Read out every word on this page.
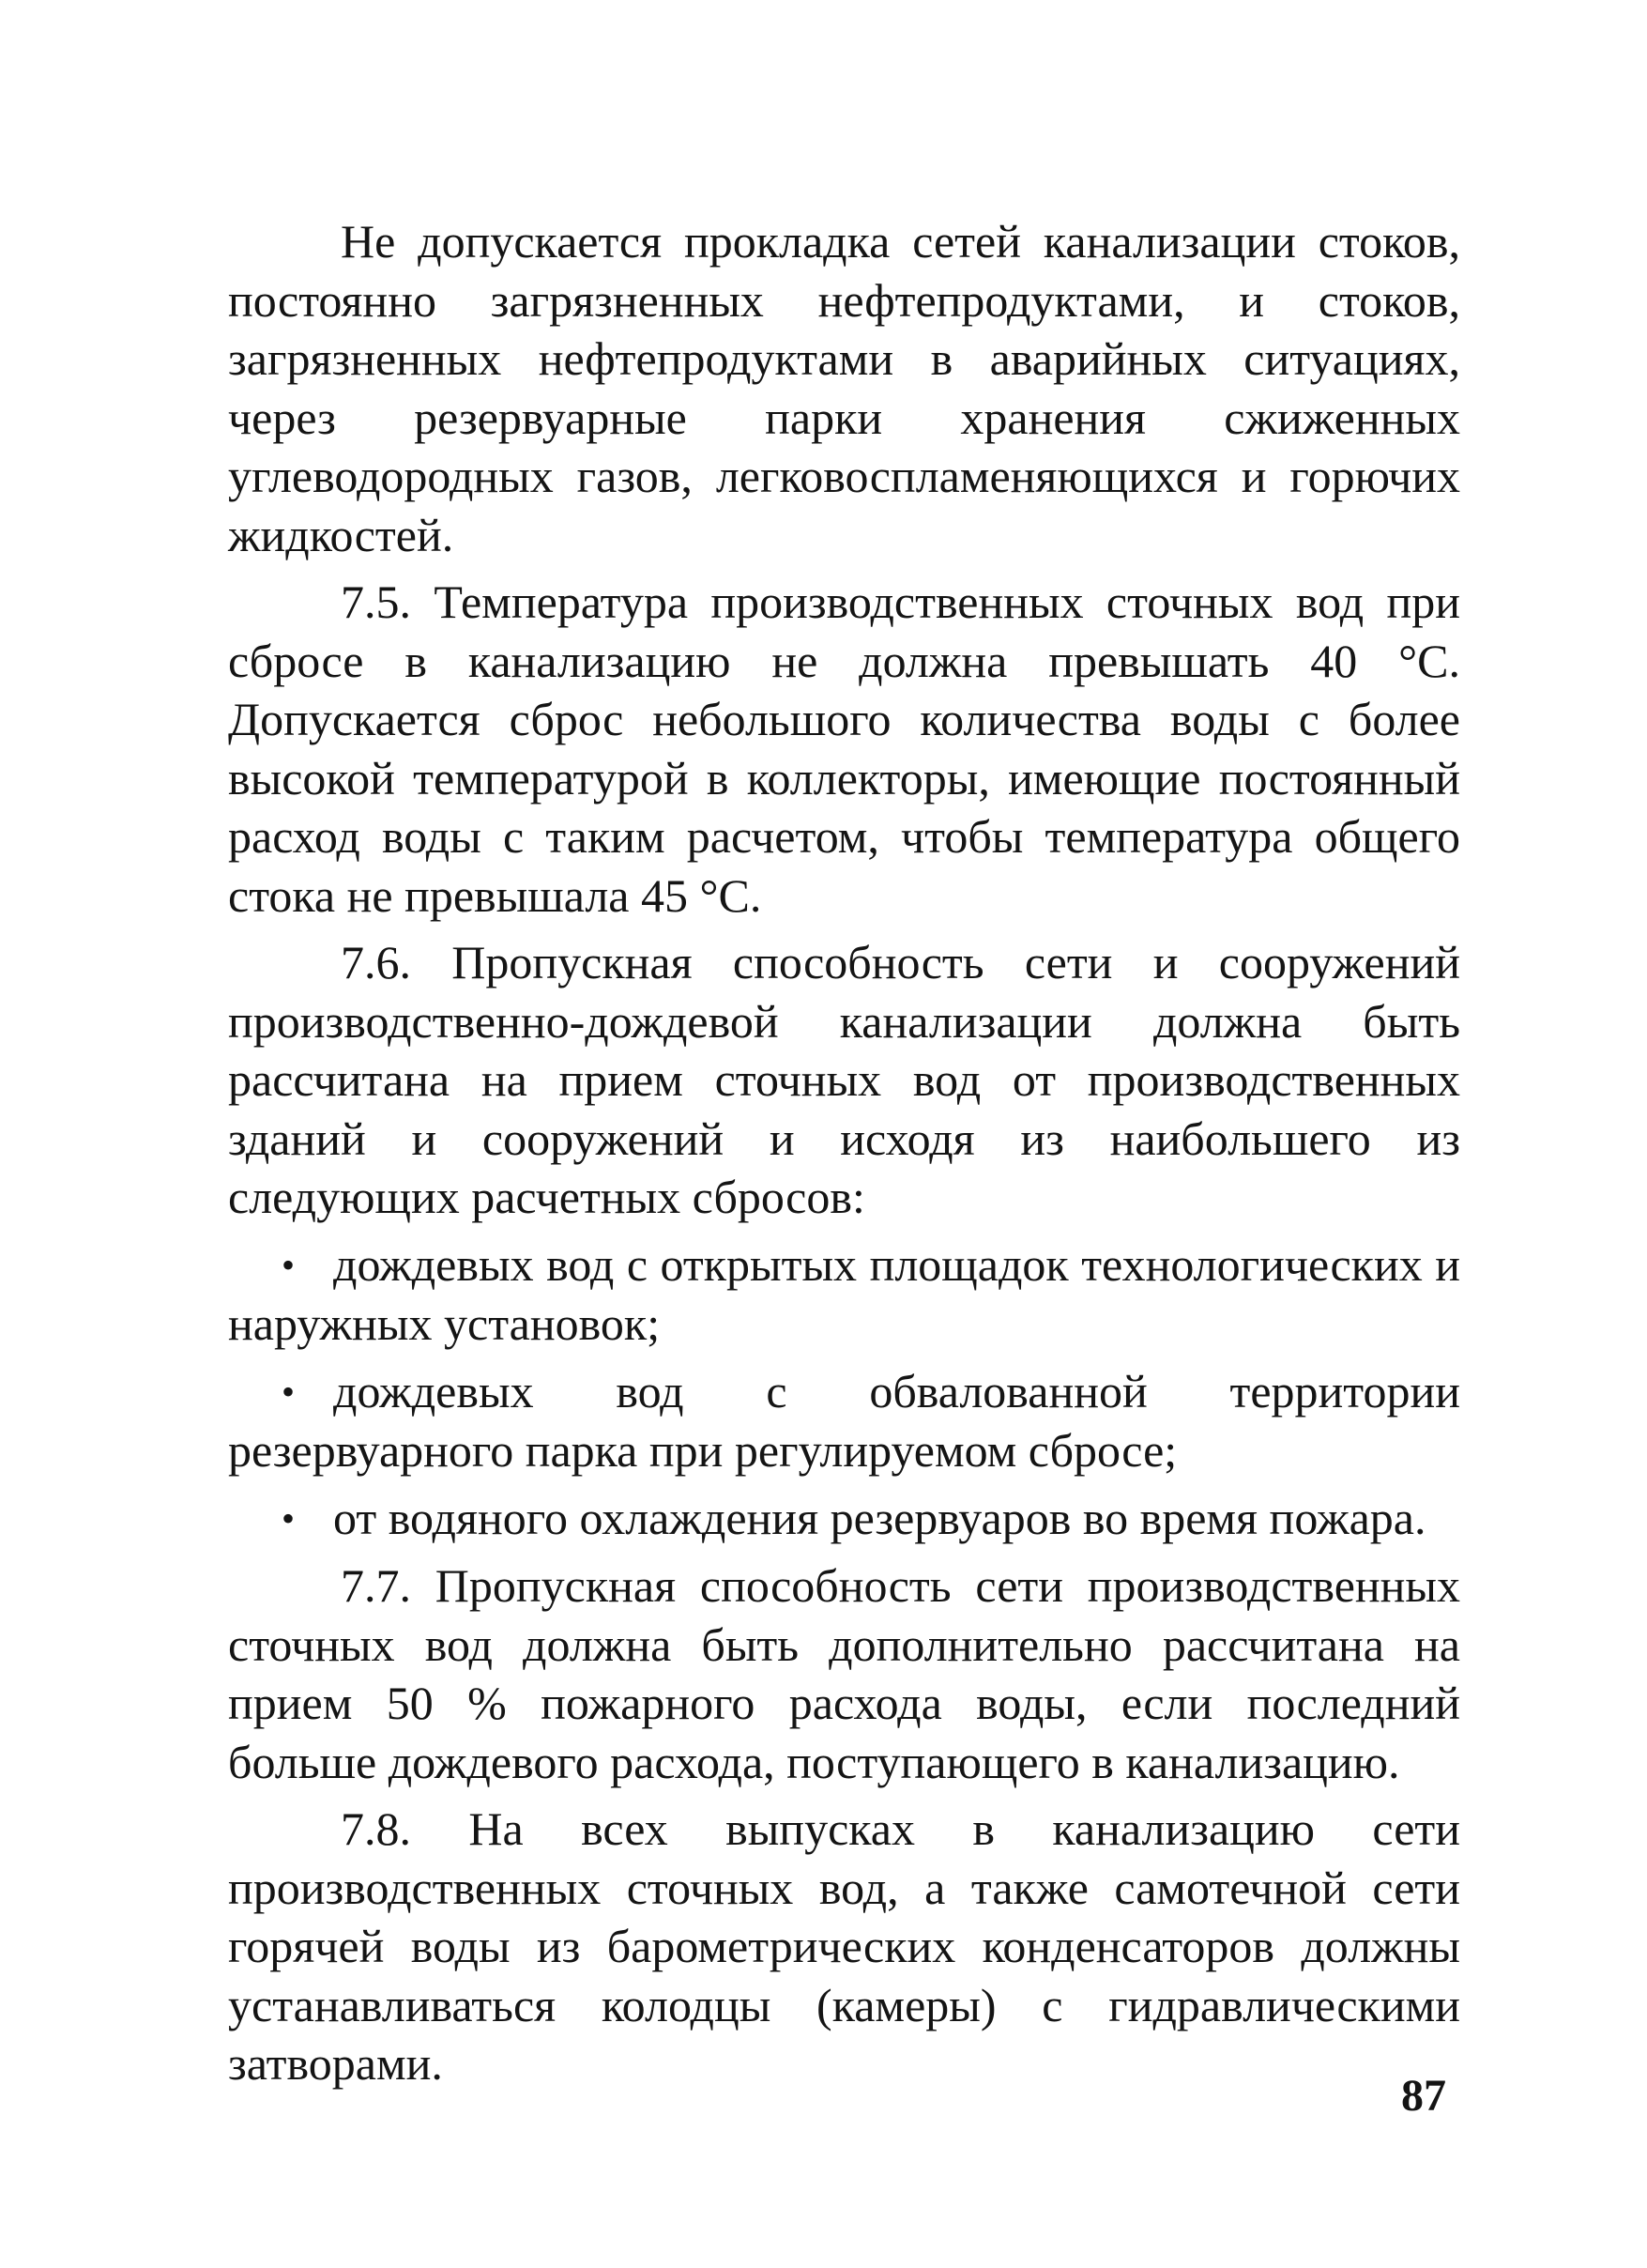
Не допускается прокладка сетей канализации стоков, постоянно загрязненных нефтепродуктами, и стоков, загрязненных нефтепродуктами в аварийных ситуациях, через резервуарные парки хранения сжиженных углеводородных газов, легковоспламеняющихся и горючих жидкостей.

7.5. Температура производственных сточных вод при сбросе в канализацию не должна превышать 40 °С. Допускается сброс небольшого количества воды с более высокой температурой в коллекторы, имеющие постоянный расход воды с таким расчетом, чтобы температура общего стока не превышала 45 °С.

7.6. Пропускная способность сети и сооружений производственно-дождевой канализации должна быть рассчитана на прием сточных вод от производственных зданий и сооружений и исходя из наибольшего из следующих расчетных сбросов:

• дождевых вод с открытых площадок технологических и наружных установок;

• дождевых вод с обвалованной территории резервуарного парка при регулируемом сбросе;

• от водяного охлаждения резервуаров во время пожара.

7.7. Пропускная способность сети производственных сточных вод должна быть дополнительно рассчитана на прием 50 % пожарного расхода воды, если последний больше дождевого расхода, поступающего в канализацию.

7.8. На всех выпусках в канализацию сети производственных сточных вод, а также самотечной сети горячей воды из барометрических конденсаторов должны устанавливаться колодцы (камеры) с гидравлическими затворами.

87
